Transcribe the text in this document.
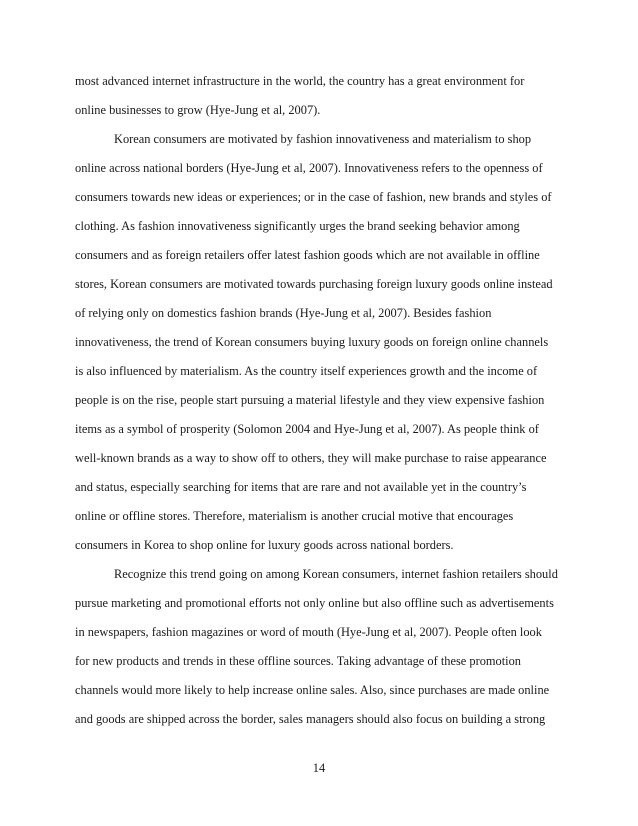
most advanced internet infrastructure in the world, the country has a great environment for
online businesses to grow (Hye-Jung et al, 2007).
Korean consumers are motivated by fashion innovativeness and materialism to shop
online across national borders (Hye-Jung et al, 2007). Innovativeness refers to the openness of
consumers towards new ideas or experiences; or in the case of fashion, new brands and styles of
clothing. As fashion innovativeness significantly urges the brand seeking behavior among
consumers and as foreign retailers offer latest fashion goods which are not available in offline
stores, Korean consumers are motivated towards purchasing foreign luxury goods online instead
of relying only on domestics fashion brands (Hye-Jung et al, 2007). Besides fashion
innovativeness, the trend of Korean consumers buying luxury goods on foreign online channels
is also influenced by materialism. As the country itself experiences growth and the income of
people is on the rise, people start pursuing a material lifestyle and they view expensive fashion
items as a symbol of prosperity (Solomon 2004 and Hye-Jung et al, 2007). As people think of
well-known brands as a way to show off to others, they will make purchase to raise appearance
and status, especially searching for items that are rare and not available yet in the country’s
online or offline stores. Therefore, materialism is another crucial motive that encourages
consumers in Korea to shop online for luxury goods across national borders.
Recognize this trend going on among Korean consumers, internet fashion retailers should
pursue marketing and promotional efforts not only online but also offline such as advertisements
in newspapers, fashion magazines or word of mouth (Hye-Jung et al, 2007). People often look
for new products and trends in these offline sources. Taking advantage of these promotion
channels would more likely to help increase online sales. Also, since purchases are made online
and goods are shipped across the border, sales managers should also focus on building a strong
14
